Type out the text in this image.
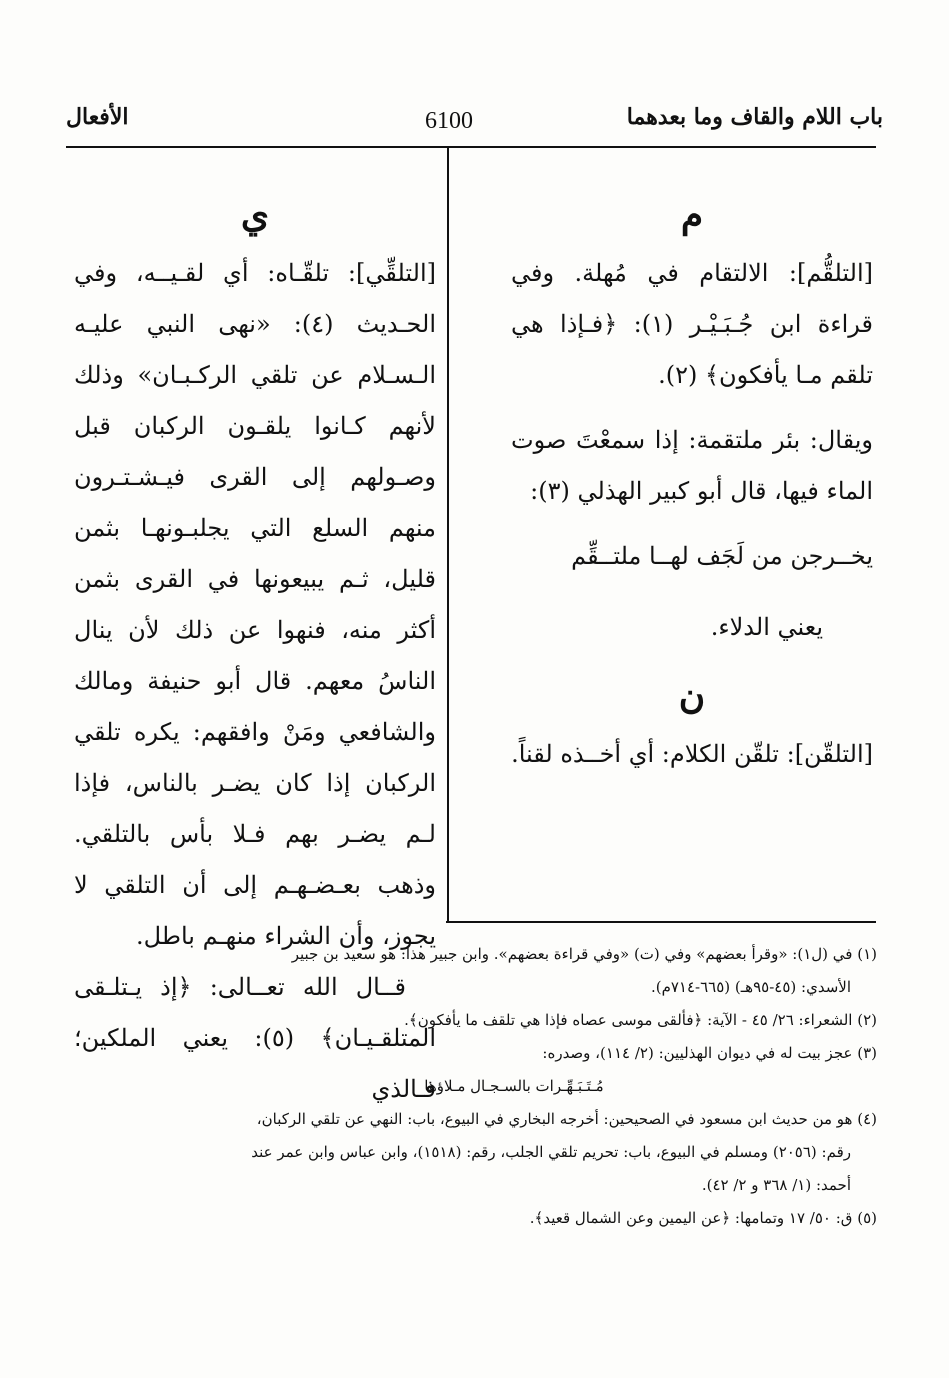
باب اللام والقاف وما بعدهما
6100
الأفعال
م
[التلقُّم]: الالتقام في مُهلة. وفي قراءة ابن جُـبَـيْـر (١): ﴿فـإذا هي تلقم مـا يأفكون﴾ (٢).
ويقال: بئر ملتقمة: إذا سمعْتَ صوت الماء فيها، قال أبو كبير الهذلي (٣):
يخــرجن من لَجَف لهــا ملتــقِّم
يعني الدلاء.
ن
[التلقّن]: تلقّن الكلام: أي أخــذه لقناً.
ي
[التلقِّي]: تلقّـاه: أي لقـيــه، وفي الحـديث (٤): «نهى النبي عليـه الـسـلام عن تلقي الركـبـان» وذلك لأنهم كـانوا يلقـون الركبان قبل وصـولهم إلى القرى فيـشـتـرون منهم السلع التي يجلبـونهـا بثمن قليل، ثـم يبيعونها في القرى بثمن أكثر منه، فنهوا عن ذلك لأن ينال الناسُ معهم. قال أبو حنيفة ومالك والشافعي ومَنْ وافقهم: يكره تلقي الركبان إذا كان يضـر بالناس، فإذا لـم يضـر بهم فـلا بأس بالتلقي. وذهب بعـضـهـم إلى أن التلقي لا يجوز، وأن الشراء منهـم باطل.
قــال الله تعــالى: ﴿إذ يـتلـقى المتلقـيـان﴾ (٥): يعني الملكين؛ فـالذي
(١) في (ل١): «وقرأ بعضهم» وفي (ت) «وفي قراءة بعضهم». وابن جبير هذا: هو سعيد بن جبير
الأسدي: (٤٥-٩٥هـ) (٦٦٥-٧١٤م).
(٢) الشعراء: ٢٦/ ٤٥ - الآية: ﴿فألقى موسى عصاه فإذا هي تلقف ما يأفكون﴾.
(٣) عجز بيت له في ديوان الهذليين: (٢/ ١١٤)، وصدره:
مُـتَـبَـهِّـرات بالسـجـال مـلاؤها
(٤) هو من حديث ابن مسعود في الصحيحين: أخرجه البخاري في البيوع، باب: النهي عن تلقي الركبان،
رقم: (٢٠٥٦) ومسلم في البيوع، باب: تحريم تلقي الجلب، رقم: (١٥١٨)، وابن عباس وابن عمر عند
أحمد: (١/ ٣٦٨ و ٢/ ٤٢).
(٥) ق: ٥٠/ ١٧ وتمامها: ﴿عن اليمين وعن الشمال قعيد﴾.
